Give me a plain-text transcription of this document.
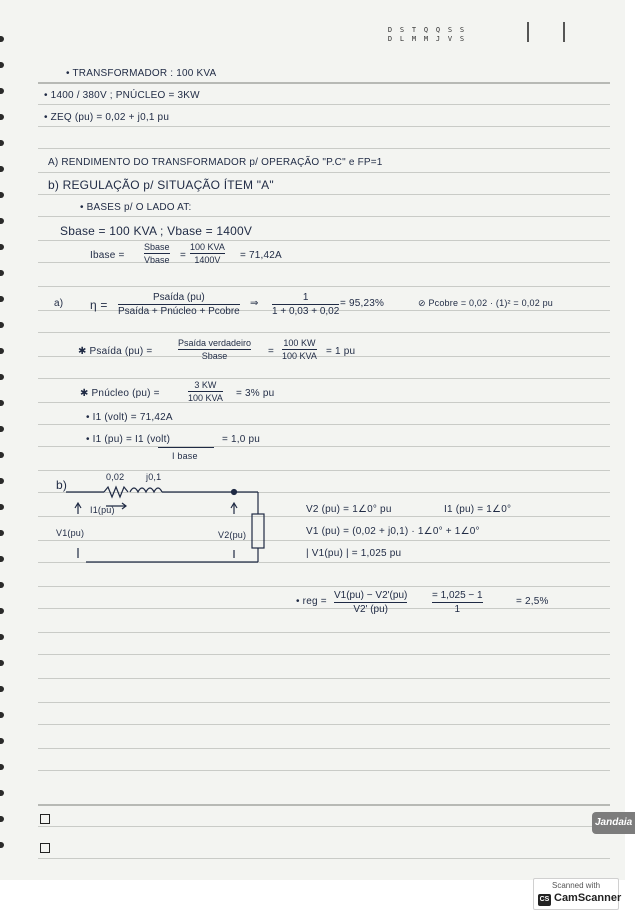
D
D
S
L
T
M
Q
M
Q
J
S
V
S
S
• TRANSFORMADOR : 100 KVA
• 1400 / 380V ; PNÚCLEO = 3KW
• ZEQ (pu) = 0,02 + j0,1 pu
A) RENDIMENTO DO TRANSFORMADOR p/ OPERAÇÃO "P.C" e FP=1
b) REGULAÇÃO p/ SITUAÇÃO ÍTEM "A"
• BASES p/ O LADO AT:
Sbase = 100 KVA ; Vbase = 1400V
Ibase =
Sbase
Vbase =
100 KVA
1400V = 71,42A
a) η =
Psaída (pu)
Psaída + Pnúcleo + Pcobre
⇒
1
1 + 0,03 + 0,02
= 95,23%	⊘ Pcobre = 0,02 · (1)² = 0,02 pu
✱ Psaída (pu) =
Psaída verdadeiro
Sbase	=
100 KW
100 KVA = 1 pu
✱ Pnúcleo (pu) =
3 KW
100 KVA = 3% pu
• I1 (volt) = 71,42A
• I1 (pu) = I1 (volt)
I base
= 1,0 pu
b)
0,02 j0,1
I1(pu)
V1(pu)	V2(pu)
V2 (pu) = 1∠0° pu	I1 (pu) = 1∠0°
V1 (pu) = (0,02 + j0,1) · 1∠0° + 1∠0°
| V1(pu) | = 1,025 pu
• reg =
V1(pu) − V2'(pu)
V2' (pu)
= 1,025 − 1
1
= 2,5%
Jandaia
Scanned with
CS CamScanner
